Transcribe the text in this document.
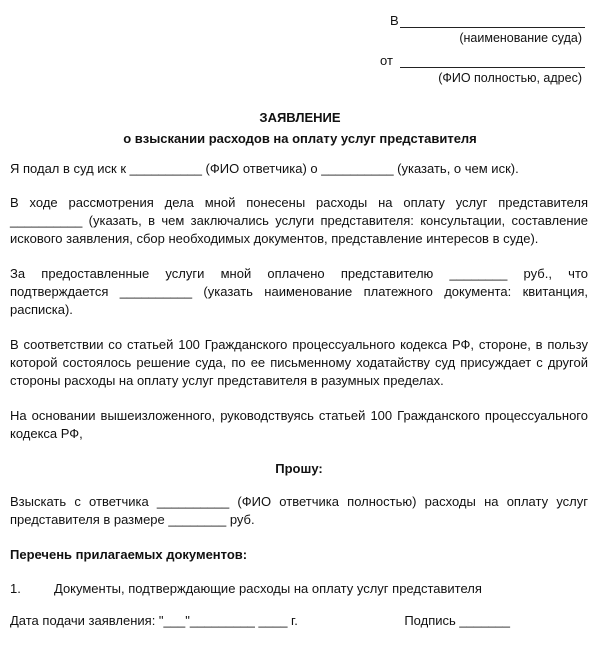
В
(наименование суда)
от
(ФИО полностью, адрес)
ЗАЯВЛЕНИЕ
о взыскании расходов на оплату услуг представителя

Я подал в суд иск к __________ (ФИО ответчика) о __________ (указать, о чем иск).

В ходе рассмотрения дела мной понесены расходы на оплату услуг представителя __________ (указать, в чем заключались услуги представителя: консультации, составление искового заявления, сбор необходимых документов, представление интересов в суде).

За предоставленные услуги мной оплачено представителю ________ руб., что подтверждается __________ (указать наименование платежного документа: квитанция, расписка).

В соответствии со статьей 100 Гражданского процессуального кодекса РФ, стороне, в пользу которой состоялось решение суда, по ее письменному ходатайству суд присуждает с другой стороны расходы на оплату услуг представителя в разумных пределах.

На основании вышеизложенного, руководствуясь статьей 100 Гражданского процессуального кодекса РФ,

Прошу:

Взыскать с ответчика __________ (ФИО ответчика полностью) расходы на оплату услуг представителя в размере ________ руб.

Перечень прилагаемых документов:
1.	Документы, подтверждающие расходы на оплату услуг представителя
Дата подачи заявления: "___"_________ ____ г.	Подпись _______
